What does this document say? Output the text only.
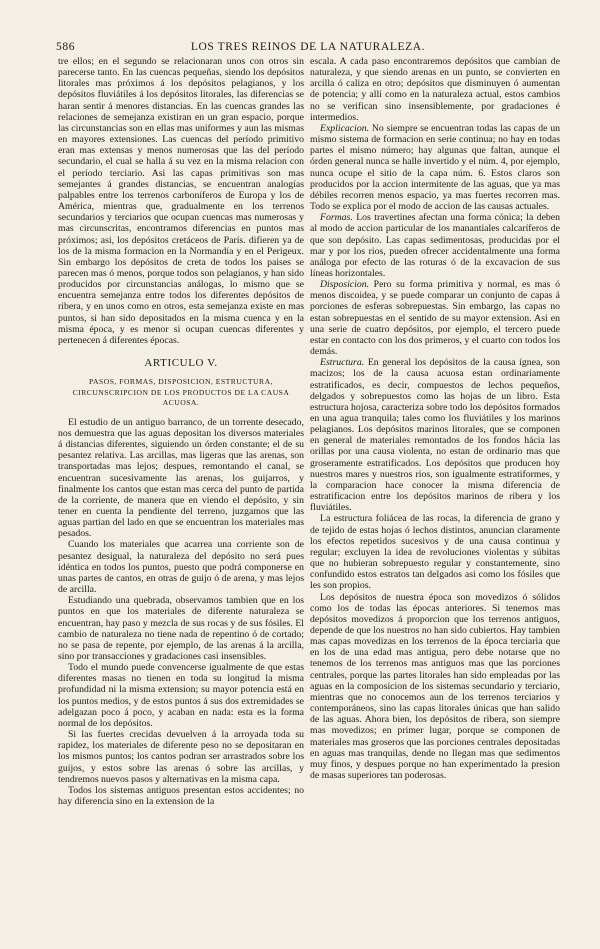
586	LOS TRES REINOS DE LA NATURALEZA.

tre ellos; en el segundo se relacionaran unos con otros sin parecerse tanto. En las cuencas pequeñas, siendo los depósitos litorales mas próximos á los depósitos pelagianos, y los depósitos fluviátiles á los depósitos litorales, las diferencias se haran sentir á menores distancias. En las cuencas grandes las relaciones de semejanza existiran en un gran espacio, porque las circunstancias son en ellas mas uniformes y aun las mismas en mayores extensiones. Las cuencas del período primitivo eran mas extensas y menos numerosas que las del período secundario, el cual se halla á su vez en la misma relacion con el período terciario. Asi las capas primitivas son mas semejantes á grandes distancias, se encuentran analogías palpables entre los terrenos carboníferos de Europa y los de América, mientras que, gradualmente en los terrenos secundarios y terciarios que ocupan cuencas mas numerosas y mas circunscritas, encontramos diferencias en puntos mas próximos; asi, los depósitos cretáceos de París. difieren ya de los de la misma formacion en la Normandía y en el Perigeux. Sin embargo los depósitos de creta de todos los paises se parecen mas ó menos, porque todos son pelagianos, y han sido producidos por circunstancias análogas, lo mismo que se encuentra semejanza entre todos los diferentes depósitos de ribera, y en unos como en otros, esta semejanza existe en mas puntos, si han sido depositados en la misma cuenca y en la misma época, y es menor si ocupan cuencas diferentes y pertenecen á diferentes épocas.

ARTICULO V.
PASOS, FORMAS, DISPOSICION, ESTRUCTURA, CIRCUNSCRIPCION DE LOS PRODUCTOS DE LA CAUSA ACUOSA.

El estudio de un antiguo barranco, de un torrente desecado, nos demuestra que las aguas depositan los diversos materiales á distancias diferentes, siguiendo un órden constante; el de su pesantez relativa. Las arcillas, mas ligeras que las arenas, son transportadas mas lejos; despues, remontando el canal, se encuentran sucesivamente las arenas, los guijarros, y finalmente los cantos que estan mas cerca del punto de partida de la corriente, de manera que en viendo el depósito, y sin tener en cuenta la pendiente del terreno, juzgamos que las aguas partian del lado en que se encuentran los materiales mas pesados.

Cuando los materiales que acarrea una corriente son de pesantez desigual, la naturaleza del depósito no será pues idéntica en todos los puntos, puesto que podrá componerse en unas partes de cantos, en otras de guijo ó de arena, y mas lejos de arcilla.

Estudiando una quebrada, observamos tambien que en los puntos en que los materiales de diferente naturaleza se encuentran, hay paso y mezcla de sus rocas y de sus fósiles. El cambio de naturaleza no tiene nada de repentino ó de cortado; no se pasa de repente, por ejemplo, de las arenas á la arcilla, sino por transacciones y gradaciones casi insensibles.

Todo el mundo puede convencerse igualmente de que estas diferentes masas no tienen en toda su longitud la misma profundidad ni la misma extension; su mayor potencia está en los puntos medios, y de estos puntos á sus dos extremidades se adelgazan poco á poco, y acaban en nada: esta es la forma normal de los depósitos.

Si las fuertes crecidas devuelven á la arroyada toda su rapidez, los materiales de diferente peso no se depositaran en los mismos puntos; los cantos podran ser arrastrados sobre los guijos, y estos sobre las arenas ó sobre las arcillas, y tendremos nuevos pasos y alternativas en la misma capa.

Todos los sistemas antiguos presentan estos accidentes; no hay diferencia sino en la extension de la

escala. A cada paso encontraremos depósitos que cambian de naturaleza, y que siendo arenas en un punto, se convierten en arcilla ó caliza en otro; depósitos que disminuyen ó aumentan de potencia; y allí como en la naturaleza actual, estos cambios no se verifican sino insensiblemente, por gradaciones é intermedios.

Explicacion. No siempre se encuentran todas las capas de un mismo sistema de formacion en serie continua; no hay en todas partes el mismo número; hay algunas que faltan, aunque el órden general nunca se halle invertido y el núm. 4, por ejemplo, nunca ocupe el sitio de la capa núm. 6. Estos claros son producidos por la accion intermitente de las aguas, que ya mas débiles recorren menos espacio, ya mas fuertes recorren mas. Todo se explica por el modo de accion de las causas actuales.

Formas. Los travertines afectan una forma cónica; la deben al modo de accion particular de los manantiales calcaríferos de que son depósito. Las capas sedimentosas, producidas por el mar y por los rios, pueden ofrecer accidentalmente una forma análoga por efecto de las roturas ó de la excavacion de sus líneas horizontales.

Disposicion. Pero su forma primitiva y normal, es mas ó menos discoidea, y se puede comparar un conjunto de capas á porciones de esferas sobrepuestas. Sin embargo, las capas no estan sobrepuestas en el sentido de su mayor extension. Asi en una serie de cuatro depósitos, por ejemplo, el tercero puede estar en contacto con los dos primeros, y el cuarto con todos los demás.

Estructura. En general los depósitos de la causa ígnea, son macizos; los de la causa acuosa estan ordinariamente estratificados, es decir, compuestos de lechos pequeños, delgados y sobrepuestos como las hojas de un libro. Esta estructura hojosa, caracteriza sobre todo los depósitos formados en una agua tranquila; tales como los fluviátiles y los marinos pelagianos. Los depósitos marinos litorales, que se componen en general de materiales remontados de los fondos hácia las orillas por una causa violenta, no estan de ordinario mas que groseramente estratificados. Los depósitos que producen hoy nuestros mares y nuestros rios, son igualmente estratiformes, y la comparacion hace conocer la misma diferencia de estratificacion entre los depósitos marinos de ribera y los fluviátiles.

La estructura foliácea de las rocas, la diferencia de grano y de tejido de estas hojas ó lechos distintos, anuncian claramente los efectos repetidos sucesivos y de una causa continua y regular; excluyen la idea de revoluciones violentas y súbitas que no hubieran sobrepuesto regular y constantemente, sino confundido estos estratos tan delgados asi como los fósiles que les son propios.

Los depósitos de nuestra época son movedizos ó sólidos como los de todas las épocas anteriores. Si tenemos mas depósitos movedizos á proporcion que los terrenos antiguos, depende de que los nuestros no han sido cubiertos. Hay tambien mas capas movedizas en los terrenos de la época terciaria que en los de una edad mas antigua, pero debe notarse que no tenemos de los terrenos mas antiguos mas que las porciones centrales, porque las partes litorales han sido empleadas por las aguas en la composicion de los sistemas secundario y terciario, mientras que no conocemos aun de los terrenos terciarios y contemporáneos, sino las capas litorales únicas que han salido de las aguas. Ahora bien, los depósitos de ribera, son siempre mas movedizos; en primer lugar, porque se componen de materiales mas groseros que las porciones centrales depositadas en aguas mas tranquilas, dende no llegan mas que sedimentos muy finos, y despues porque no han experimentado la presion de masas superiores tan poderosas.
